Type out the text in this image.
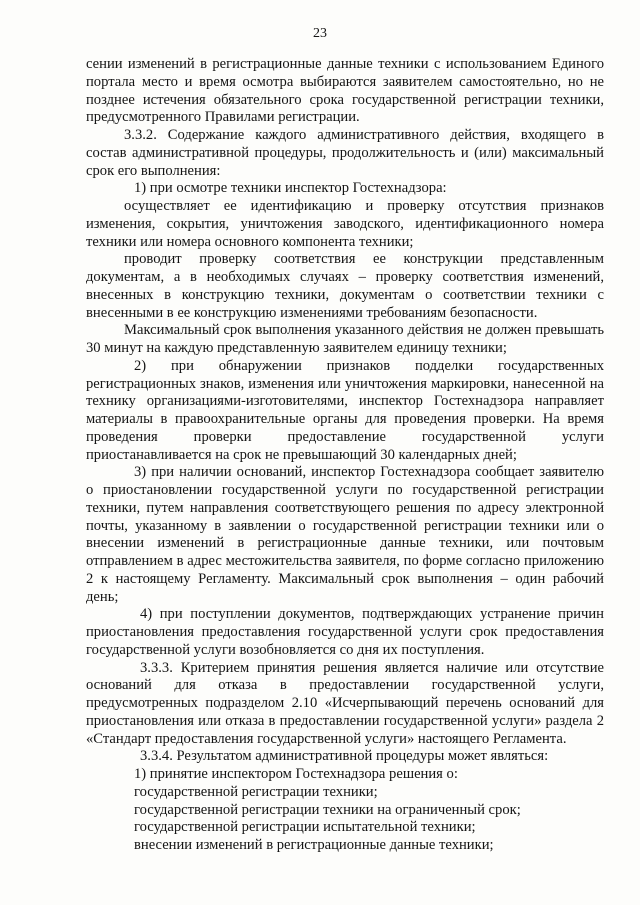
23

сении изменений в регистрационные данные техники с использованием Единого портала место и время осмотра выбираются заявителем самостоятельно, но не позднее истечения обязательного срока государственной регистрации техники, предусмотренного Правилами регистрации.

3.3.2. Содержание каждого административного действия, входящего в состав административной процедуры, продолжительность и (или) максимальный срок его выполнения:

1) при осмотре техники инспектор Гостехнадзора:

осуществляет ее идентификацию и проверку отсутствия признаков изменения, сокрытия, уничтожения заводского, идентификационного номера техники или номера основного компонента техники;

проводит проверку соответствия ее конструкции представленным документам, а в необходимых случаях – проверку соответствия изменений, внесенных в конструкцию техники, документам о соответствии техники с внесенными в ее конструкцию изменениями требованиям безопасности.

Максимальный срок выполнения указанного действия не должен превышать 30 минут на каждую представленную заявителем единицу техники;

2) при обнаружении признаков подделки государственных регистрационных знаков, изменения или уничтожения маркировки, нанесенной на технику организациями-изготовителями, инспектор Гостехнадзора направляет материалы в правоохранительные органы для проведения проверки. На время проведения проверки предоставление государственной услуги приостанавливается на срок не превышающий 30 календарных дней;

3) при наличии оснований, инспектор Гостехнадзора сообщает заявителю о приостановлении государственной услуги по государственной регистрации техники, путем направления соответствующего решения по адресу электронной почты, указанному в заявлении о государственной регистрации техники или о внесении изменений в регистрационные данные техники, или почтовым отправлением в адрес местожительства заявителя, по форме согласно приложению 2 к настоящему Регламенту. Максимальный срок выполнения – один рабочий день;

4) при поступлении документов, подтверждающих устранение причин приостановления предоставления государственной услуги срок предоставления государственной услуги возобновляется со дня их поступления.

3.3.3. Критерием принятия решения является наличие или отсутствие оснований для отказа в предоставлении государственной услуги, предусмотренных подразделом 2.10 «Исчерпывающий перечень оснований для приостановления или отказа в предоставлении государственной услуги» раздела 2 «Стандарт предоставления государственной услуги» настоящего Регламента.

3.3.4. Результатом административной процедуры может являться:

1) принятие инспектором Гостехнадзора решения о:

государственной регистрации техники;

государственной регистрации техники на ограниченный срок;

государственной регистрации испытательной техники;

внесении изменений в регистрационные данные техники;
